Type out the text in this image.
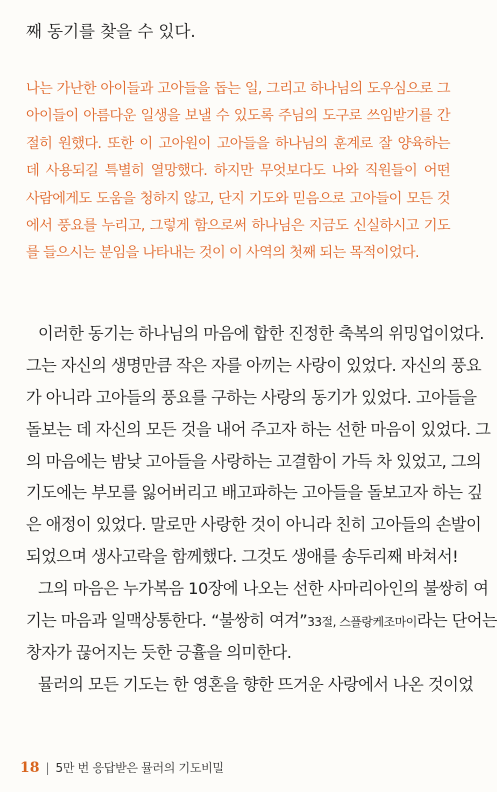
째 동기를 찾을 수 있다.
나는 가난한 아이들과 고아들을 돕는 일, 그리고 하나님의 도우심으로 그
아이들이 아름다운 일생을 보낼 수 있도록 주님의 도구로 쓰임받기를 간
절히 원했다. 또한 이 고아원이 고아들을 하나님의 훈계로 잘 양육하는
데 사용되길 특별히 열망했다. 하지만 무엇보다도 나와 직원들이 어떤
사람에게도 도움을 청하지 않고, 단지 기도와 믿음으로 고아들이 모든 것
에서 풍요를 누리고, 그렇게 함으로써 하나님은 지금도 신실하시고 기도
를 들으시는 분임을 나타내는 것이 이 사역의 첫째 되는 목적이었다.
이러한 동기는 하나님의 마음에 합한 진정한 축복의 위밍업이었다.
그는 자신의 생명만큼 작은 자를 아끼는 사랑이 있었다. 자신의 풍요
가 아니라 고아들의 풍요를 구하는 사랑의 동기가 있었다. 고아들을
돌보는 데 자신의 모든 것을 내어 주고자 하는 선한 마음이 있었다. 그
의 마음에는 밤낮 고아들을 사랑하는 고결함이 가득 차 있었고, 그의
기도에는 부모를 잃어버리고 배고파하는 고아들을 돌보고자 하는 깊
은 애정이 있었다. 말로만 사랑한 것이 아니라 친히 고아들의 손발이
되었으며 생사고락을 함께했다. 그것도 생애를 송두리째 바쳐서!
그의 마음은 누가복음 10장에 나오는 선한 사마리아인의 불쌍히 여
기는 마음과 일맥상통한다. “불쌍히 여겨”33절, 스플랑케조마이라는 단어는
창자가 끊어지는 듯한 긍휼을 의미한다.
뮬러의 모든 기도는 한 영혼을 향한 뜨거운 사랑에서 나온 것이었
18 | 5만 번 응답받은 뮬러의 기도비밀
